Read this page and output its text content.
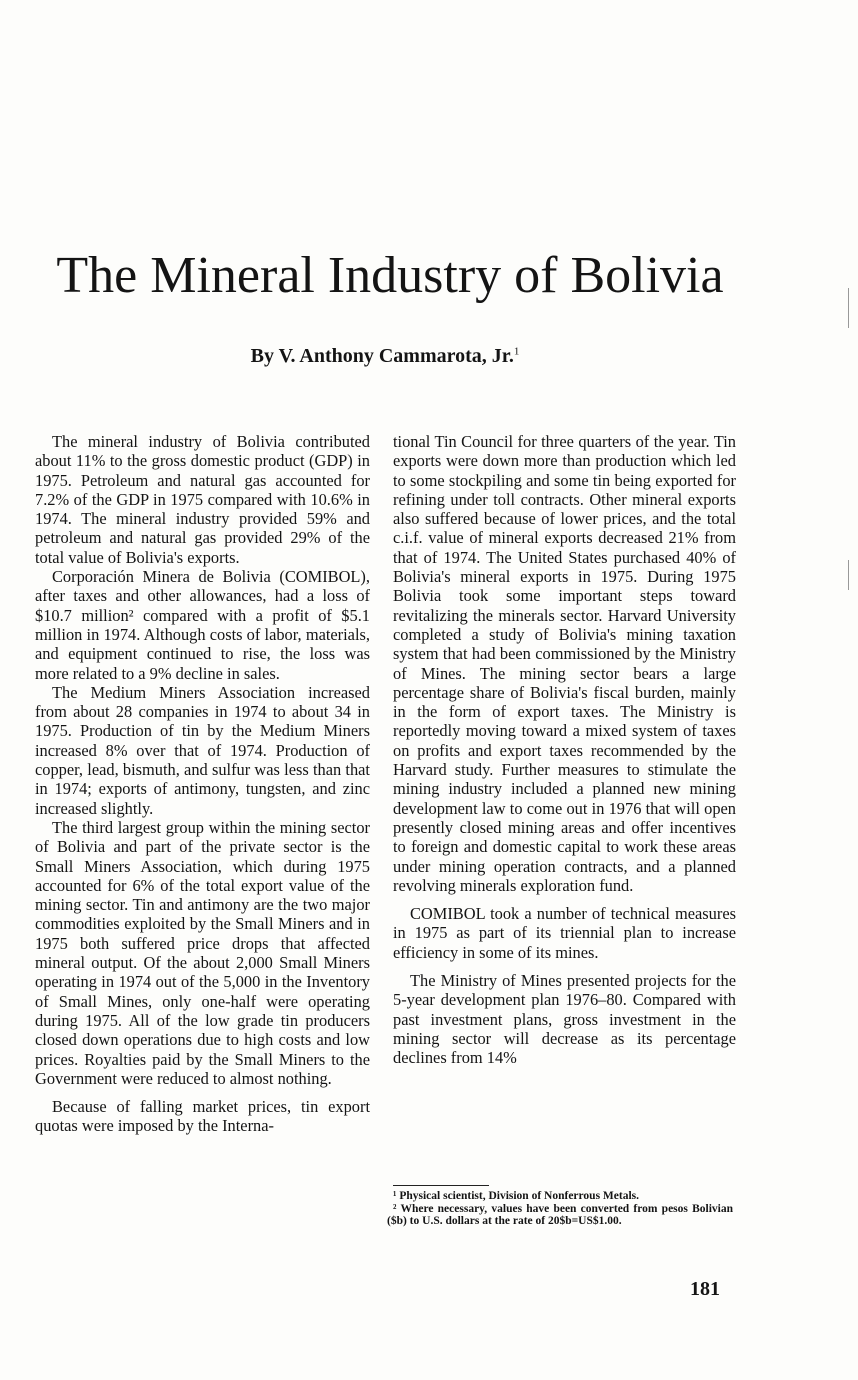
The Mineral Industry of Bolivia
By V. Anthony Cammarota, Jr.$^1$

The mineral industry of Bolivia contributed about 11% to the gross domestic product (GDP) in 1975. Petroleum and natural gas accounted for 7.2% of the GDP in 1975 compared with 10.6% in 1974. The mineral industry provided 59% and petroleum and natural gas provided 29% of the total value of Bolivia's exports.

Corporación Minera de Bolivia (COMIBOL), after taxes and other allowances, had a loss of $10.7 million² compared with a profit of $5.1 million in 1974. Although costs of labor, materials, and equipment continued to rise, the loss was more related to a 9% decline in sales.

The Medium Miners Association increased from about 28 companies in 1974 to about 34 in 1975. Production of tin by the Medium Miners increased 8% over that of 1974. Production of copper, lead, bismuth, and sulfur was less than that in 1974; exports of antimony, tungsten, and zinc increased slightly.

The third largest group within the mining sector of Bolivia and part of the private sector is the Small Miners Association, which during 1975 accounted for 6% of the total export value of the mining sector. Tin and antimony are the two major commodities exploited by the Small Miners and in 1975 both suffered price drops that affected mineral output. Of the about 2,000 Small Miners operating in 1974 out of the 5,000 in the Inventory of Small Mines, only one-half were operating during 1975. All of the low grade tin producers closed down operations due to high costs and low prices. Royalties paid by the Small Miners to the Government were reduced to almost nothing.

Because of falling market prices, tin export quotas were imposed by the Interna-

tional Tin Council for three quarters of the year. Tin exports were down more than production which led to some stockpiling and some tin being exported for refining under toll contracts. Other mineral exports also suffered because of lower prices, and the total c.i.f. value of mineral exports decreased 21% from that of 1974. The United States purchased 40% of Bolivia's mineral exports in 1975. During 1975 Bolivia took some important steps toward revitalizing the minerals sector. Harvard University completed a study of Bolivia's mining taxation system that had been commissioned by the Ministry of Mines. The mining sector bears a large percentage share of Bolivia's fiscal burden, mainly in the form of export taxes. The Ministry is reportedly moving toward a mixed system of taxes on profits and export taxes recommended by the Harvard study. Further measures to stimulate the mining industry included a planned new mining development law to come out in 1976 that will open presently closed mining areas and offer incentives to foreign and domestic capital to work these areas under mining operation contracts, and a planned revolving minerals exploration fund.

COMIBOL took a number of technical measures in 1975 as part of its triennial plan to increase efficiency in some of its mines.

The Ministry of Mines presented projects for the 5-year development plan 1976–80. Compared with past investment plans, gross investment in the mining sector will decrease as its percentage declines from 14%

¹ Physical scientist, Division of Nonferrous Metals.

² Where necessary, values have been converted from pesos Bolivian ($b) to U.S. dollars at the rate of 20$b=US$1.00.

181
